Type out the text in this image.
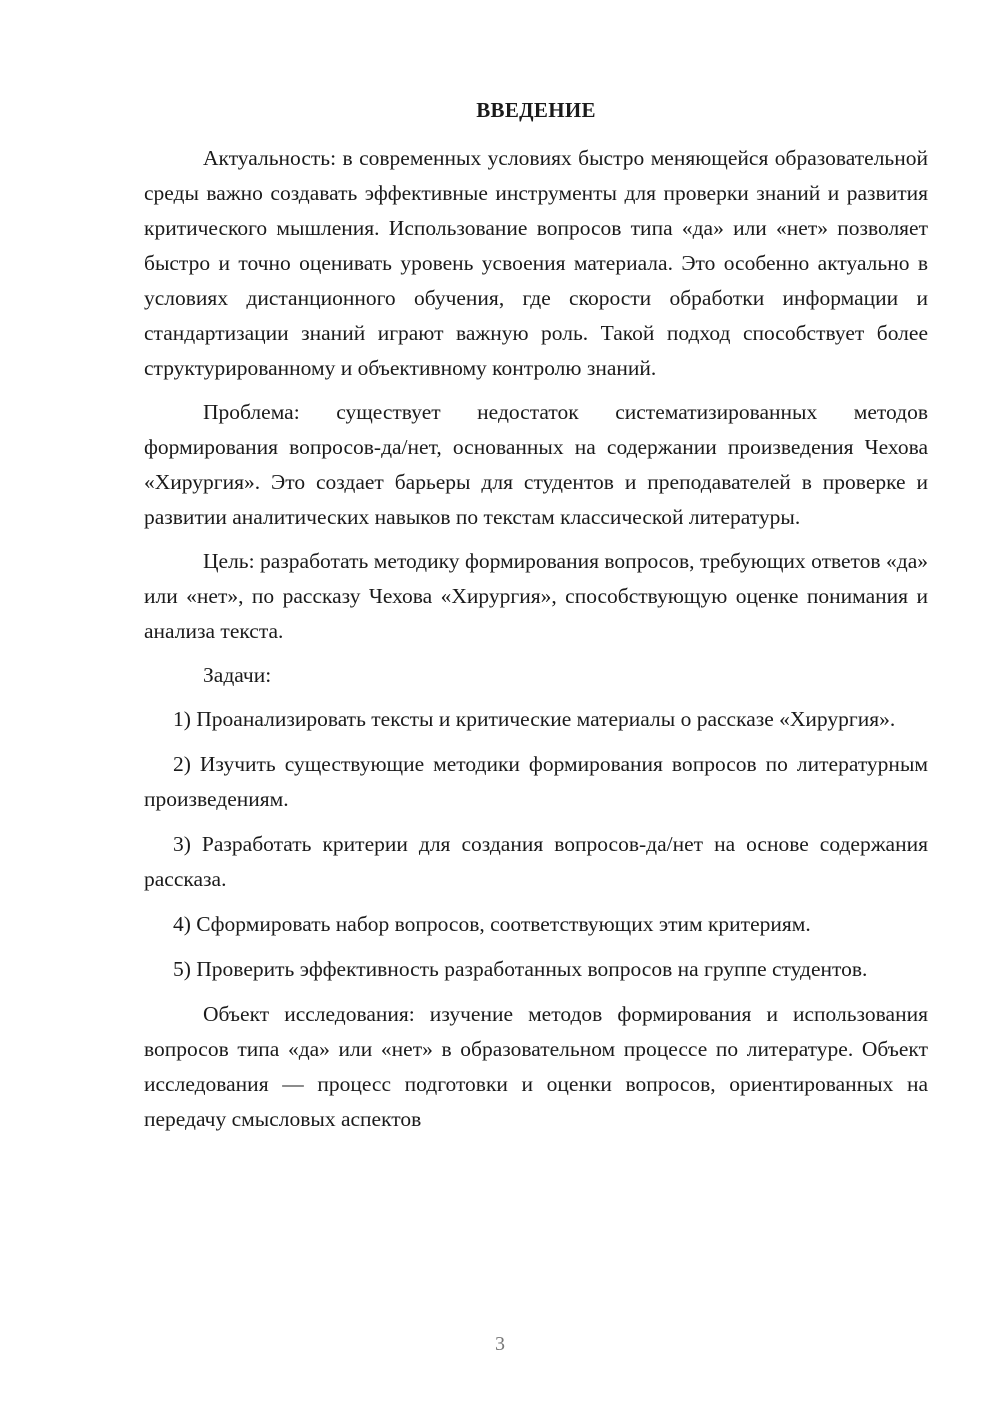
ВВЕДЕНИЕ

Актуальность: в современных условиях быстро меняющейся образовательной среды важно создавать эффективные инструменты для проверки знаний и развития критического мышления. Использование вопросов типа «да» или «нет» позволяет быстро и точно оценивать уровень усвоения материала. Это особенно актуально в условиях дистанционного обучения, где скорости обработки информации и стандартизации знаний играют важную роль. Такой подход способствует более структурированному и объективному контролю знаний.

Проблема: существует недостаток систематизированных методов формирования вопросов-да/нет, основанных на содержании произведения Чехова «Хирургия». Это создает барьеры для студентов и преподавателей в проверке и развитии аналитических навыков по текстам классической литературы.

Цель: разработать методику формирования вопросов, требующих ответов «да» или «нет», по рассказу Чехова «Хирургия», способствующую оценке понимания и анализа текста.

Задачи:

1) Проанализировать тексты и критические материалы о рассказе «Хирургия».

2) Изучить существующие методики формирования вопросов по литературным произведениям.

3) Разработать критерии для создания вопросов-да/нет на основе содержания рассказа.

4) Сформировать набор вопросов, соответствующих этим критериям.

5) Проверить эффективность разработанных вопросов на группе студентов.

Объект исследования: изучение методов формирования и использования вопросов типа «да» или «нет» в образовательном процессе по литературе. Объект исследования — процесс подготовки и оценки вопросов, ориентированных на передачу смысловых аспектов

3
